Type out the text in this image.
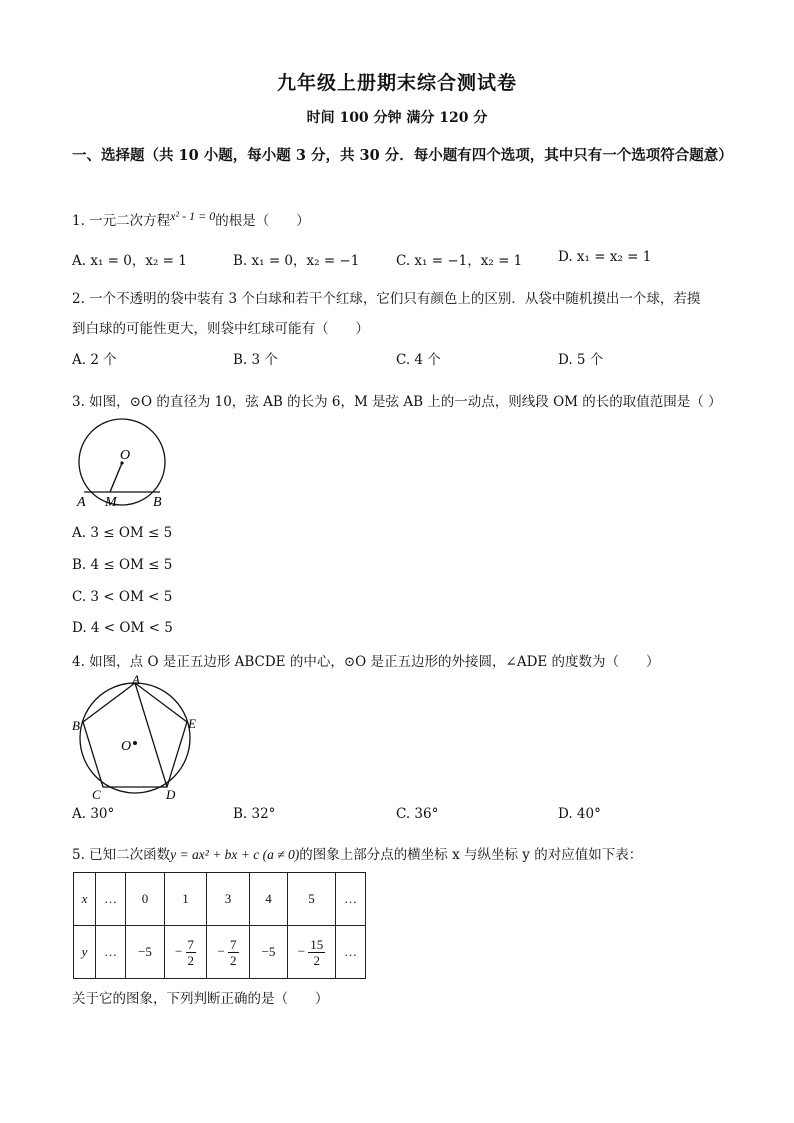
九年级上册期末综合测试卷
时间 100 分钟 满分 120 分
一、选择题（共 10 小题，每小题 3 分，共 30 分．每小题有四个选项，其中只有一个选项符合题意）
1. 一元二次方程x² - 1 = 0的根是（　　）
A. x₁ = 0，x₂ = 1	B. x₁ = 0，x₂ = −1	C. x₁ = −1，x₂ = 1	D. x₁ = x₂ = 1
2. 一个不透明的袋中装有 3 个白球和若干个红球，它们只有颜色上的区别．从袋中随机摸出一个球，若摸
到白球的可能性更大，则袋中红球可能有（　　）
A. 2 个	B. 3 个	C. 4 个	D. 5 个
3. 如图，⊙O 的直径为 10，弦 AB 的长为 6，M 是弦 AB 上的一动点，则线段 OM 的长的取值范围是（ ）
O
A M	B
A. 3 ≤ OM ≤ 5
B. 4 ≤ OM ≤ 5
C. 3 < OM < 5
D. 4 < OM < 5
4. 如图，点 O 是正五边形 ABCDE 的中心，⊙O 是正五边形的外接圆，∠ADE 的度数为（　　）
A
B
C	D
E
O
A. 30°	B. 32°	C. 36°	D. 40°
5. 已知二次函数y = ax² + bx + c (a ≠ 0)的图象上部分点的横坐标 x 与纵坐标 y 的对应值如下表：
x	…	0	1	3	4	5	…
y	…	−5	− $\frac{7}{2}$	− $\frac{7}{2}$	−5	− $\frac{15}{2}$	…
关于它的图象，下列判断正确的是（　　）
